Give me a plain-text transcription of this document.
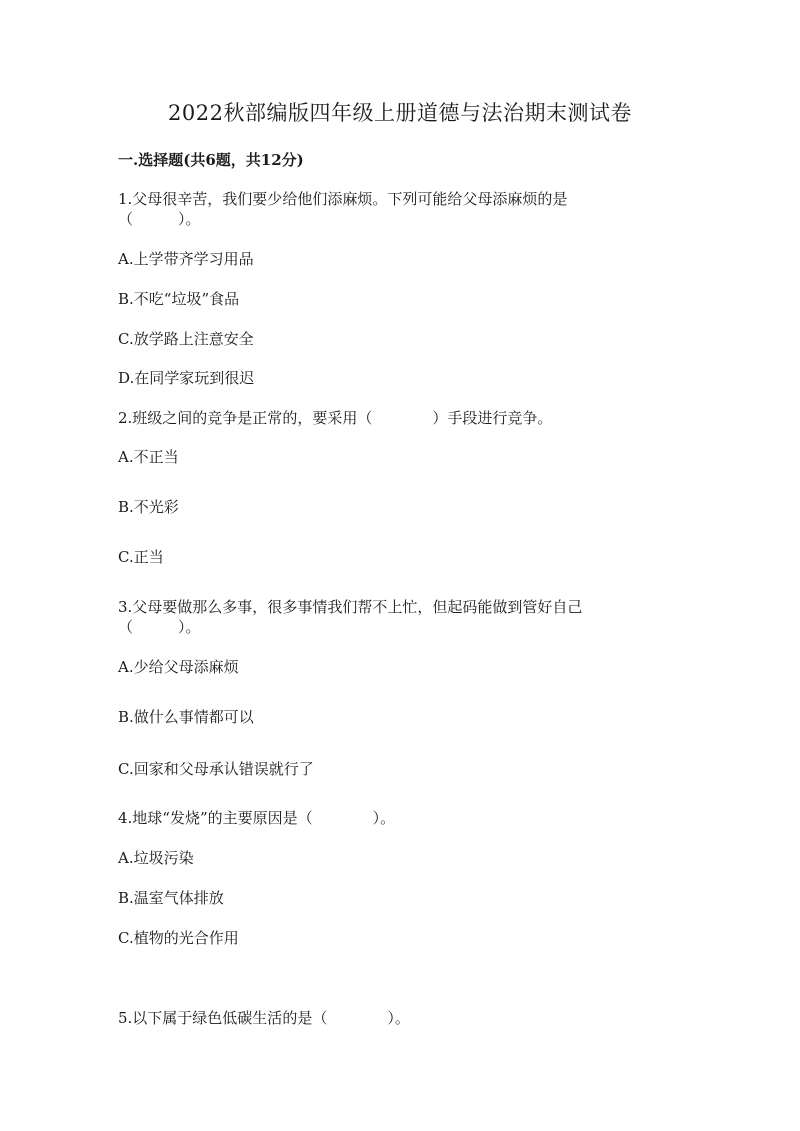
2022秋部编版四年级上册道德与法治期末测试卷
一.选择题(共6题，共12分)
1.父母很辛苦，我们要少给他们添麻烦。下列可能给父母添麻烦的是
（　　　）。
A.上学带齐学习用品
B.不吃“垃圾”食品
C.放学路上注意安全
D.在同学家玩到很迟
2.班级之间的竞争是正常的，要采用（　　　　）手段进行竞争。
A.不正当
B.不光彩
C.正当
3.父母要做那么多事，很多事情我们帮不上忙，但起码能做到管好自己
（　　　）。
A.少给父母添麻烦
B.做什么事情都可以
C.回家和父母承认错误就行了
4.地球“发烧”的主要原因是（　　　　）。
A.垃圾污染
B.温室气体排放
C.植物的光合作用
5.以下属于绿色低碳生活的是（　　　　）。
